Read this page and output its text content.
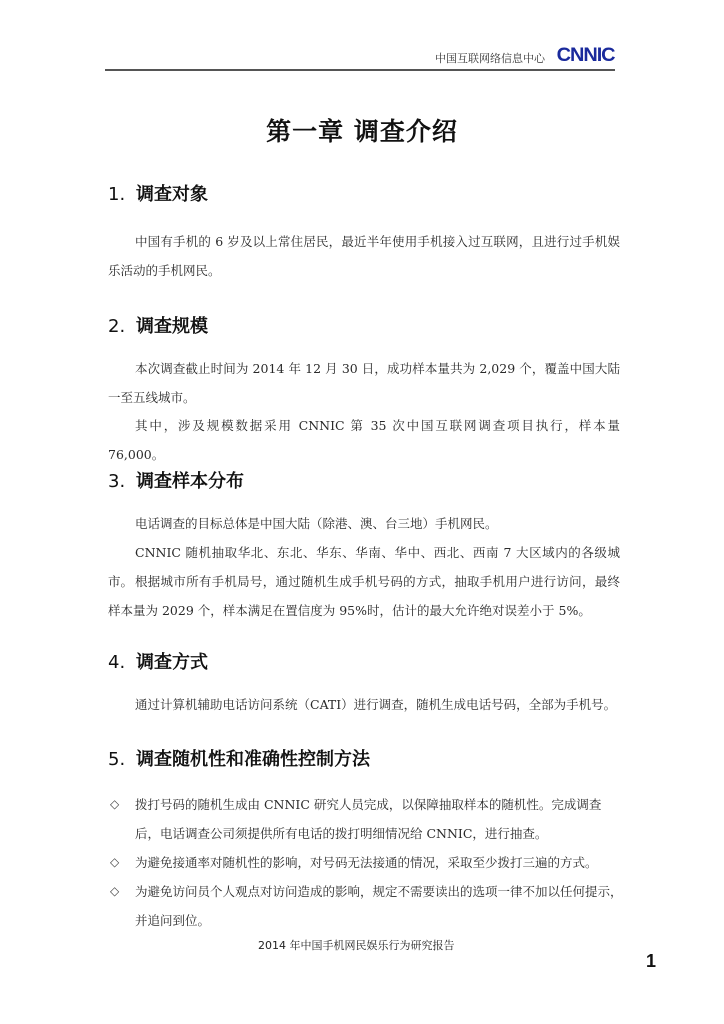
中国互联网络信息中心 CNNIC
第一章 调查介绍
1. 调查对象
中国有手机的 6 岁及以上常住居民，最近半年使用手机接入过互联网，且进行过手机娱乐活动的手机网民。
2. 调查规模
本次调查截止时间为 2014 年 12 月 30 日，成功样本量共为 2,029 个，覆盖中国大陆一至五线城市。
其中，涉及规模数据采用 CNNIC 第 35 次中国互联网调查项目执行，样本量 76,000。
3. 调查样本分布
电话调查的目标总体是中国大陆（除港、澳、台三地）手机网民。
CNNIC 随机抽取华北、东北、华东、华南、华中、西北、西南 7 大区域内的各级城市。 根据城市所有手机局号，通过随机生成手机号码的方式，抽取手机用户进行访问，最终样本量为 2029 个，样本满足在置信度为 95%时，估计的最大允许绝对误差小于 5%。
4. 调查方式
通过计算机辅助电话访问系统（CATI）进行调查，随机生成电话号码，全部为手机号。
5. 调查随机性和准确性控制方法
◇ 拨打号码的随机生成由 CNNIC 研究人员完成，以保障抽取样本的随机性。完成调查后，电话调查公司须提供所有电话的拨打明细情况给 CNNIC，进行抽查。
◇ 为避免接通率对随机性的影响，对号码无法接通的情况，采取至少拨打三遍的方式。
◇ 为避免访问员个人观点对访问造成的影响，规定不需要读出的选项一律不加以任何提示，并追问到位。
2014 年中国手机网民娱乐行为研究报告
1
